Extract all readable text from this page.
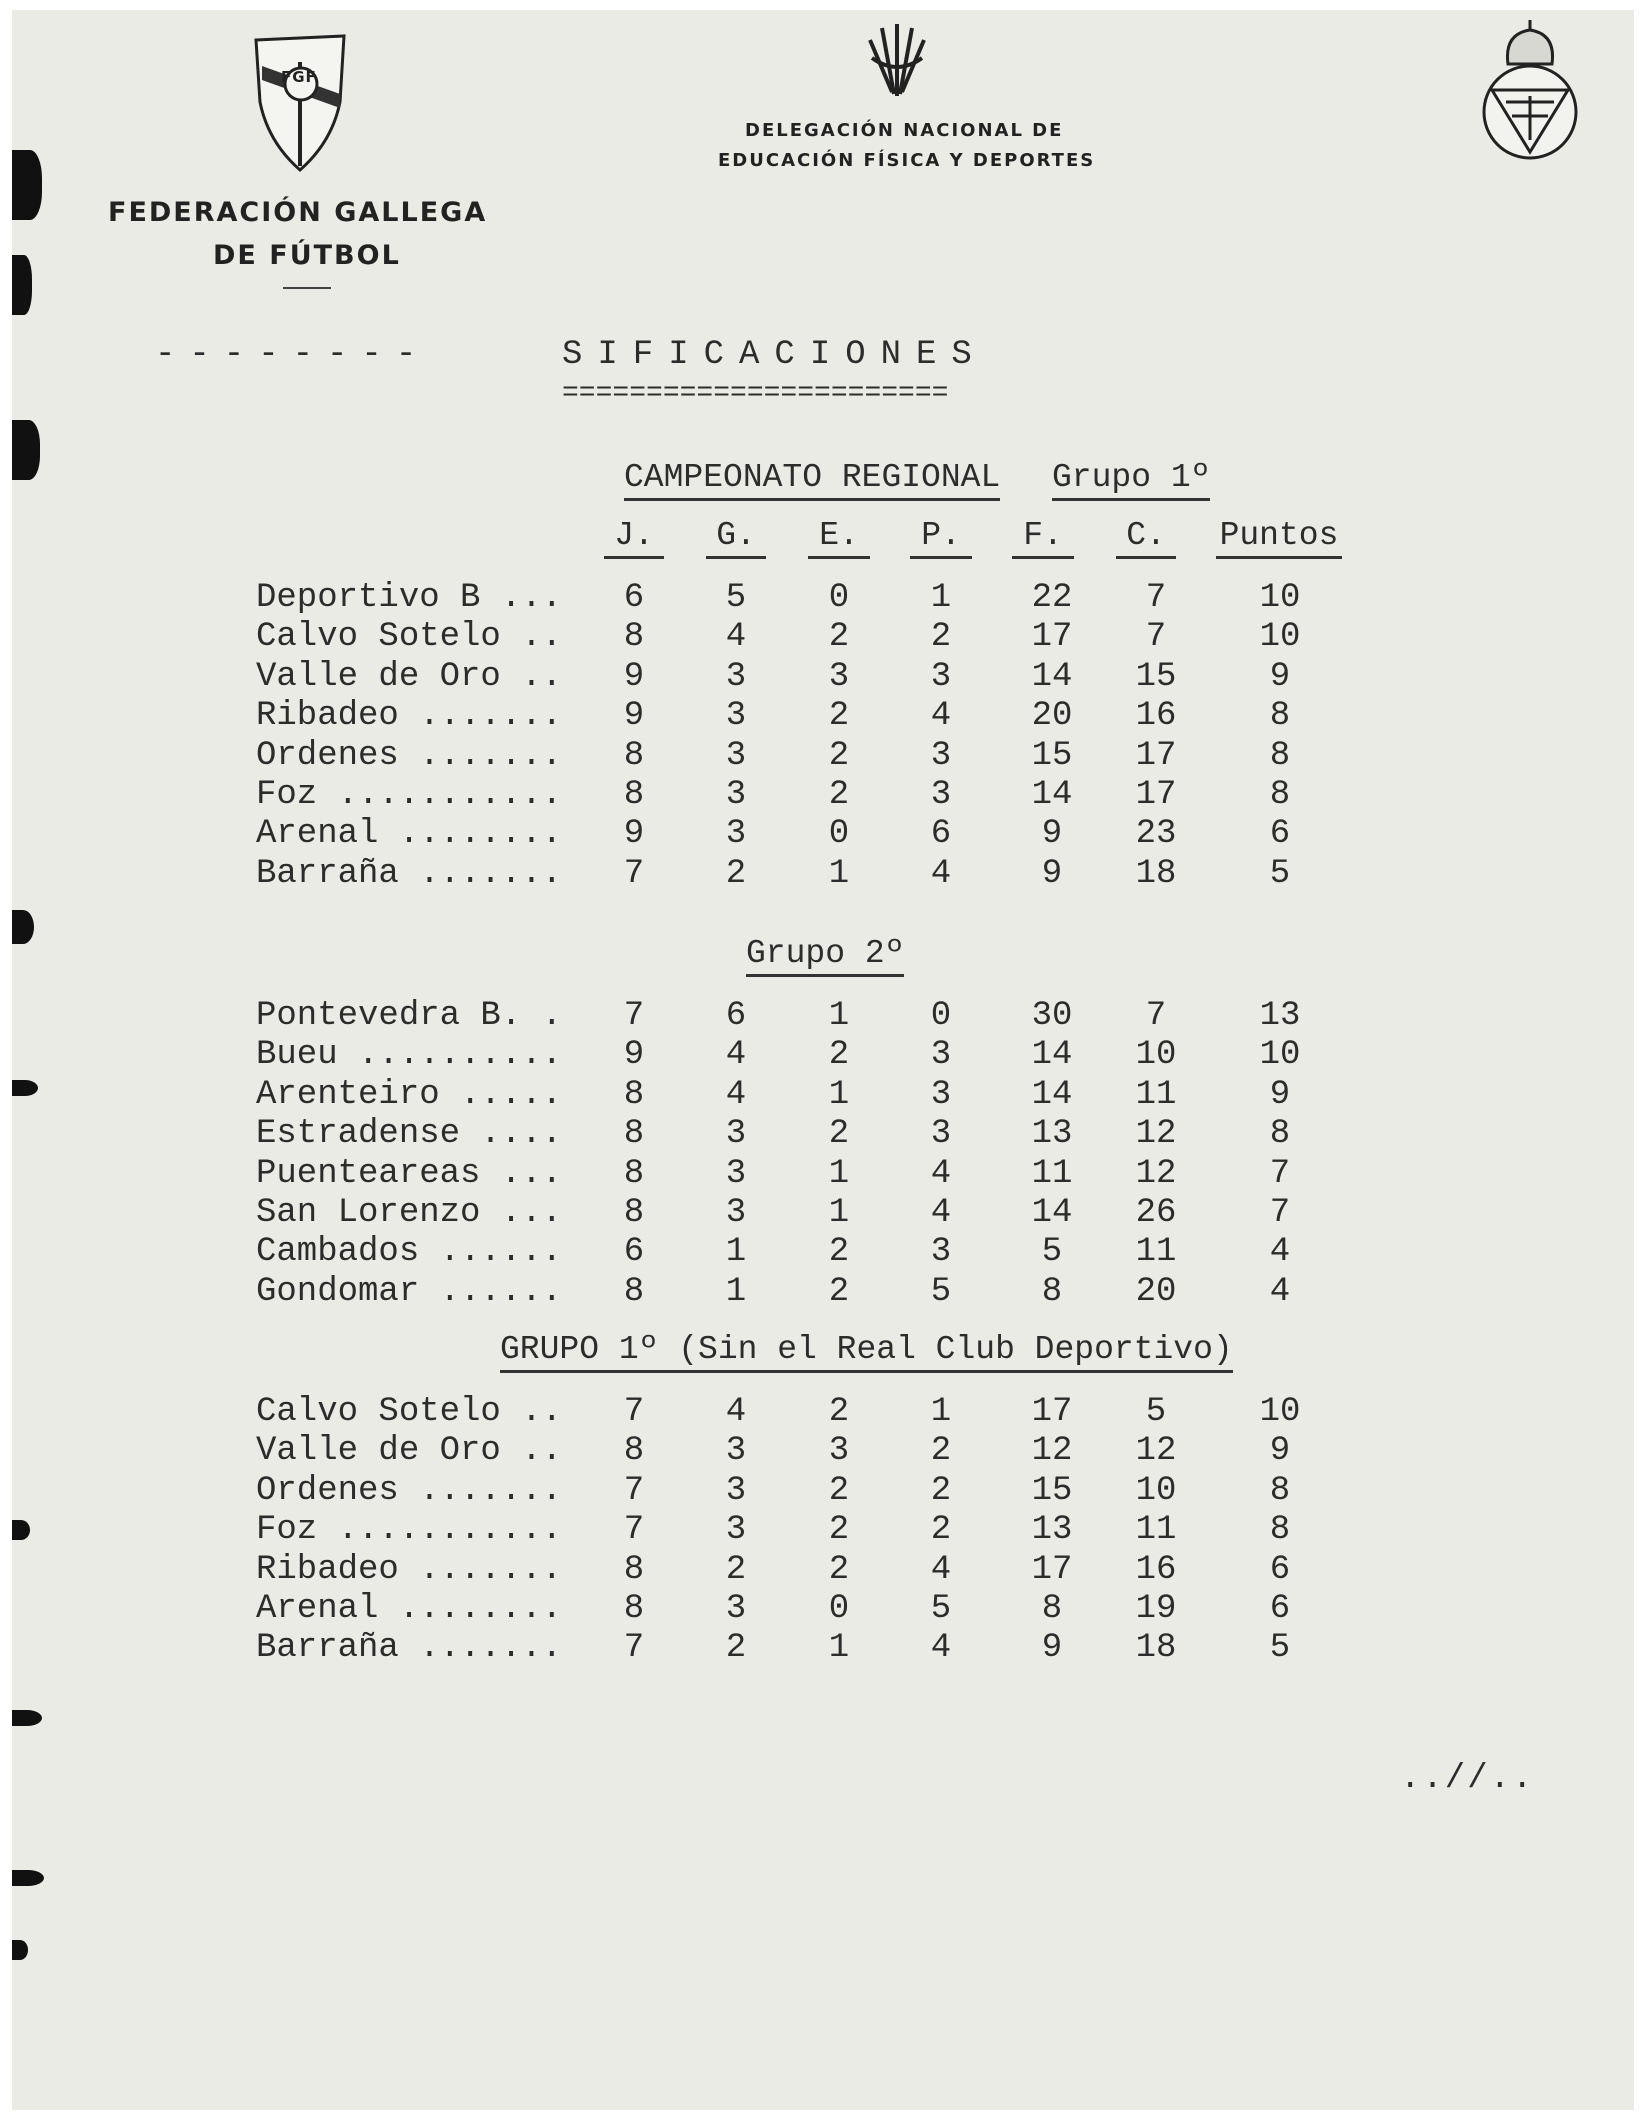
FGF
FEDERACIÓN GALLEGA
DE FÚTBOL
DELEGACIÓN NACIONAL DE
EDUCACIÓN FÍSICA Y DEPORTES
--------	SIFICACIONES
=======================
CAMPEONATO REGIONAL Grupo 1º
J.	G.	E.	P.	F.	C.	Puntos
Grupo 2º
GRUPO 1º (Sin el Real Club Deportivo)
Deportivo B ...	6	5	0	1	22	7	10
Calvo Sotelo ..	8	4	2	2	17	7	10
Valle de Oro ..	9	3	3	3	14	15	9
Ribadeo .......	9	3	2	4	20	16	8
Ordenes .......	8	3	2	3	15	17	8
Foz ...........	8	3	2	3	14	17	8
Arenal ........	9	3	0	6	9	23	6
Barraña .......	7	2	1	4	9	18	5
Pontevedra B. .	7	6	1	0	30	7	13
Bueu ..........	9	4	2	3	14	10	10
Arenteiro .....	8	4	1	3	14	11	9
Estradense ....	8	3	2	3	13	12	8
Puenteareas ...	8	3	1	4	11	12	7
San Lorenzo ...	8	3	1	4	14	26	7
Cambados ......	6	1	2	3	5	11	4
Gondomar ......	8	1	2	5	8	20	4
Calvo Sotelo ..	7	4	2	1	17	5	10
Valle de Oro ..	8	3	3	2	12	12	9
Ordenes .......	7	3	2	2	15	10	8
Foz ...........	7	3	2	2	13	11	8
Ribadeo .......	8	2	2	4	17	16	6
Arenal ........	8	3	0	5	8	19	6
Barraña .......	7	2	1	4	9	18	5
..//..
